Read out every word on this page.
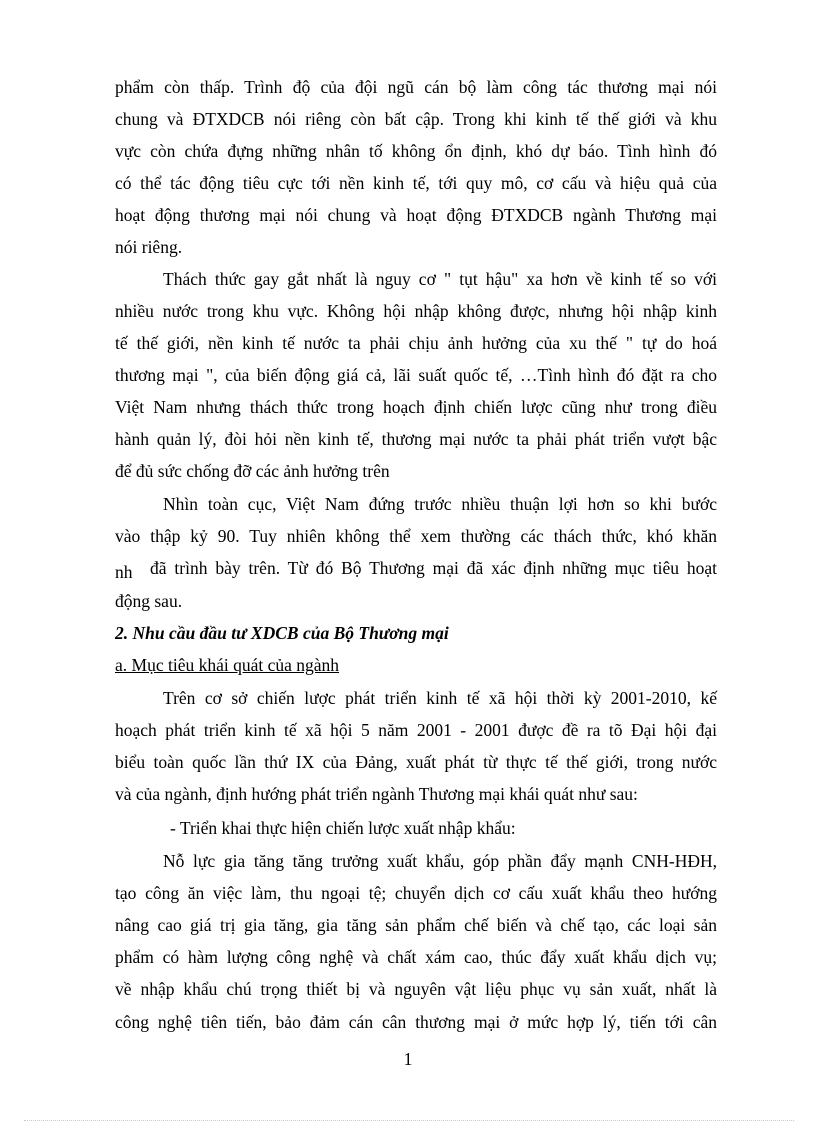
phẩm còn thấp. Trình độ của đội ngũ cán bộ làm công tác thương mại nói
chung và ĐTXDCB nói riêng còn bất cập. Trong khi kinh tế thế giới và khu
vực còn chứa đựng những nhân tố không ổn định, khó dự báo. Tình hình đó
có thể tác động tiêu cực tới nền kinh tế, tới quy mô, cơ cấu và hiệu quả của
hoạt động thương mại nói chung và hoạt động ĐTXDCB ngành Thương mại
nói riêng.
Thách thức gay gắt nhất là nguy cơ " tụt hậu" xa hơn về kinh tế so với
nhiều nước trong khu vực. Không hội nhập không được, nhưng hội nhập kinh
tế thế giới, nền kinh tế nước ta phải chịu ảnh hưởng của xu thế " tự do hoá
thương mại ", của biến động giá cả, lãi suất quốc tế, …Tình hình đó đặt ra cho
Việt Nam nhưng thách thức trong hoạch định chiến lược cũng như trong điều
hành quản lý, đòi hỏi nền kinh tế, thương mại nước ta phải phát triển vượt bậc
để đủ sức chống đỡ các ảnh hưởng trên
Nhìn toàn cục, Việt Nam đứng trước nhiều thuận lợi hơn so khi bước
vào thập kỷ 90. Tuy nhiên không thể xem thường các thách thức, khó khăn
nh đã trình bày trên. Từ đó Bộ Thương mại đã xác định những mục tiêu hoạt
động sau.
2. Nhu cầu đầu tư XDCB của Bộ Thương mại
a. Mục tiêu khái quát của ngành
Trên cơ sở chiến lược phát triển kinh tế xã hội thời kỳ 2001-2010, kế
hoạch phát triển kinh tế xã hội 5 năm 2001 - 2001 được đề ra tõ Đại hội đại
biểu toàn quốc lần thứ IX của Đảng, xuất phát từ thực tế thế giới, trong nước
và của ngành, định hướng phát triển ngành Thương mại khái quát như sau:
- Triển khai thực hiện chiến lược xuất nhập khẩu:
Nỗ lực gia tăng tăng trưởng xuất khẩu, góp phần đẩy mạnh CNH-HĐH,
tạo công ăn việc làm, thu ngoại tệ; chuyển dịch cơ cấu xuất khẩu theo hướng
nâng cao giá trị gia tăng, gia tăng sản phẩm chế biến và chế tạo, các loại sản
phẩm có hàm lượng công nghệ và chất xám cao, thúc đẩy xuất khẩu dịch vụ;
về nhập khẩu chú trọng thiết bị và nguyên vật liệu phục vụ sản xuất, nhất là
công nghệ tiên tiến, bảo đảm cán cân thương mại ở mức hợp lý, tiến tới cân
1
